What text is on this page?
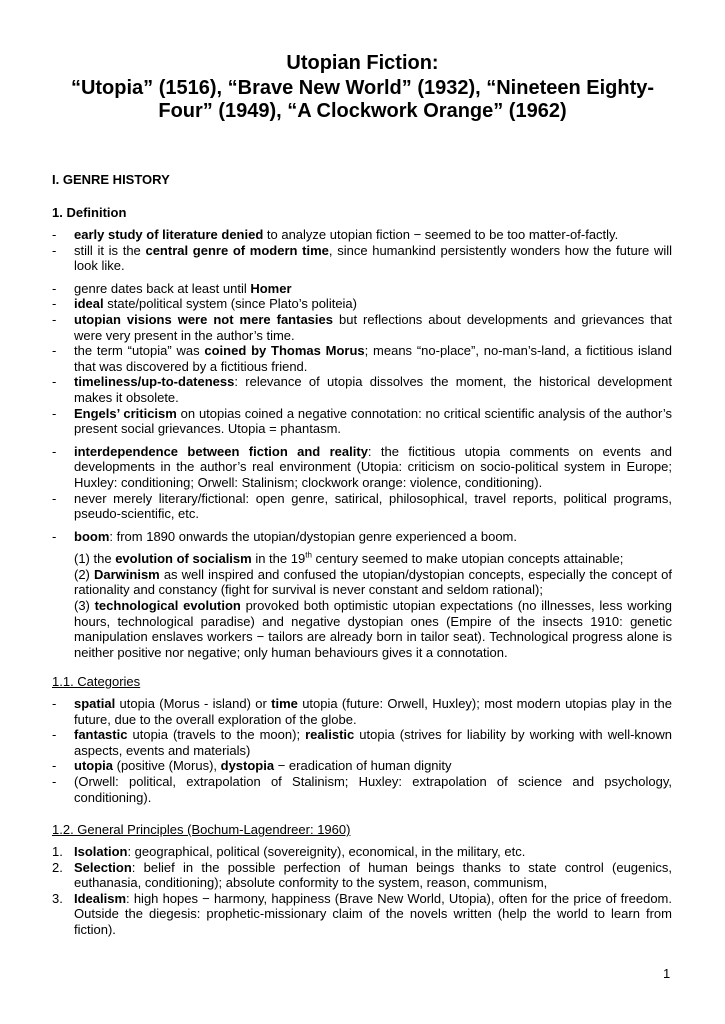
Utopian Fiction:
“Utopia” (1516), “Brave New World” (1932), “Nineteen Eighty-
Four” (1949), “A Clockwork Orange” (1962)
I. GENRE HISTORY
1. Definition
- early study of literature denied to analyze utopian fiction − seemed to be too matter-of-factly.
- still it is the central genre of modern time, since humankind persistently wonders how the future will look like.
- genre dates back at least until Homer
- ideal state/political system (since Plato’s politeia)
- utopian visions were not mere fantasies but reflections about developments and grievances that were very present in the author’s time.
- the term “utopia” was coined by Thomas Morus; means “no-place”, no-man’s-land, a fictitious island that was discovered by a fictitious friend.
- timeliness/up-to-dateness: relevance of utopia dissolves the moment, the historical development makes it obsolete.
- Engels’ criticism on utopias coined a negative connotation: no critical scientific analysis of the author’s present social grievances. Utopia = phantasm.
- interdependence between fiction and reality: the fictitious utopia comments on events and developments in the author’s real environment (Utopia: criticism on socio-political system in Europe; Huxley: conditioning; Orwell: Stalinism; clockwork orange: violence, conditioning).
- never merely literary/fictional: open genre, satirical, philosophical, travel reports, political programs, pseudo-scientific, etc.
- boom: from 1890 onwards the utopian/dystopian genre experienced a boom.
(1) the evolution of socialism in the 19th century seemed to make utopian concepts attainable;
(2) Darwinism as well inspired and confused the utopian/dystopian concepts, especially the concept of rationality and constancy (fight for survival is never constant and seldom rational);
(3) technological evolution provoked both optimistic utopian expectations (no illnesses, less working hours, technological paradise) and negative dystopian ones (Empire of the insects 1910: genetic manipulation enslaves workers − tailors are already born in tailor seat). Technological progress alone is neither positive nor negative; only human behaviours gives it a connotation.
1.1. Categories
- spatial utopia (Morus - island) or time utopia (future: Orwell, Huxley); most modern utopias play in the future, due to the overall exploration of the globe.
- fantastic utopia (travels to the moon); realistic utopia (strives for liability by working with well-known aspects, events and materials)
- utopia (positive (Morus), dystopia − eradication of human dignity
- (Orwell: political, extrapolation of Stalinism; Huxley: extrapolation of science and psychology, conditioning).
1.2. General Principles (Bochum-Lagendreer: 1960)
1. Isolation: geographical, political (sovereignity), economical, in the military, etc.
2. Selection: belief in the possible perfection of human beings thanks to state control (eugenics, euthanasia, conditioning); absolute conformity to the system, reason, communism,
3. Idealism: high hopes − harmony, happiness (Brave New World, Utopia), often for the price of freedom. Outside the diegesis: prophetic-missionary claim of the novels written (help the world to learn from fiction).
1
